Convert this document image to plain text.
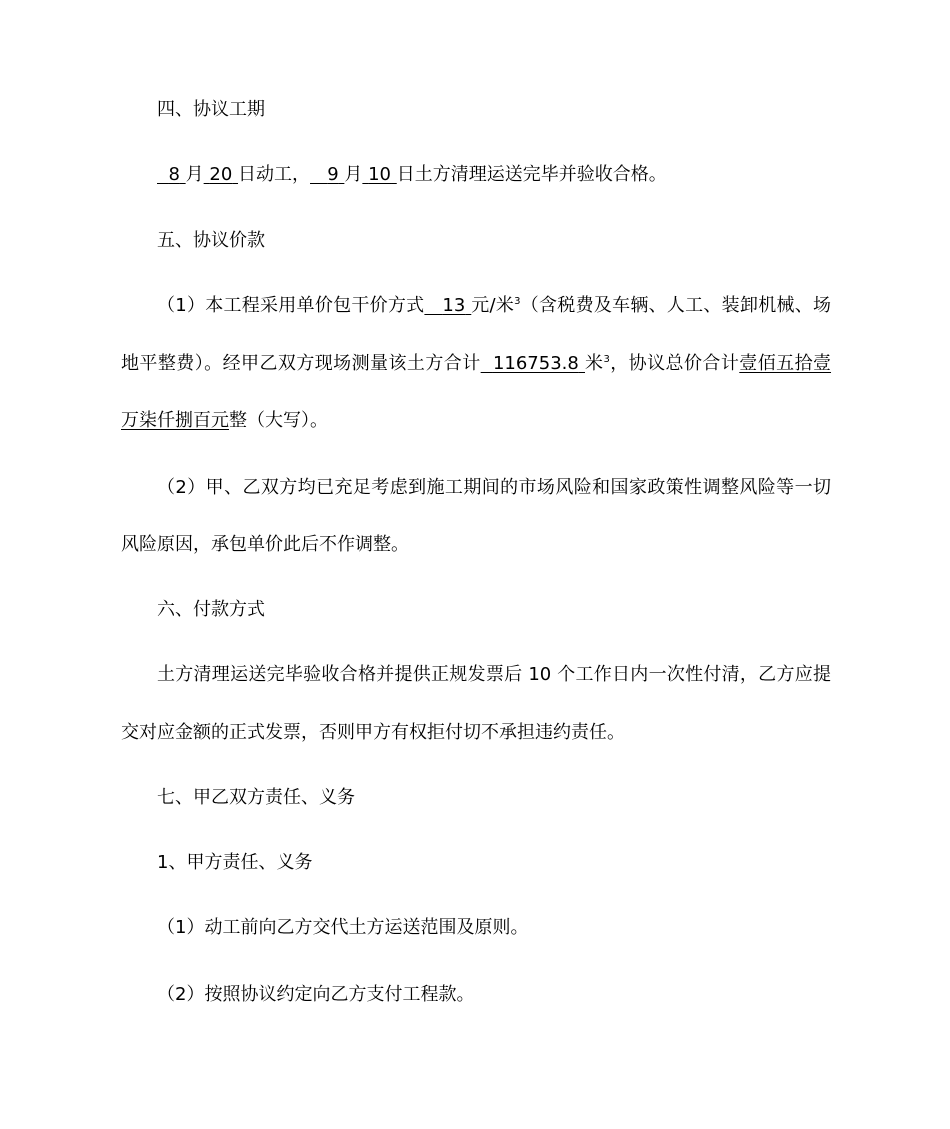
四、协议工期
8 月 20 日动工， 9 月 10 日土方清理运送完毕并验收合格。
五、协议价款
（1）本工程采用单价包干价方式 13 元/米$^3$（含税费及车辆、人工、装卸机械、场
地平整费）。经甲乙双方现场测量该土方合计 116753.8 米$^3$，协议总价合计壹佰五拾壹
万柒仟捌百元整（大写）。
（2）甲、乙双方均已充足考虑到施工期间的市场风险和国家政策性调整风险等一切
风险原因，承包单价此后不作调整。
六、付款方式
土方清理运送完毕验收合格并提供正规发票后 10 个工作日内一次性付清，乙方应提
交对应金额的正式发票，否则甲方有权拒付切不承担违约责任。
七、甲乙双方责任、义务
1、甲方责任、义务
（1）动工前向乙方交代土方运送范围及原则。
（2）按照协议约定向乙方支付工程款。
